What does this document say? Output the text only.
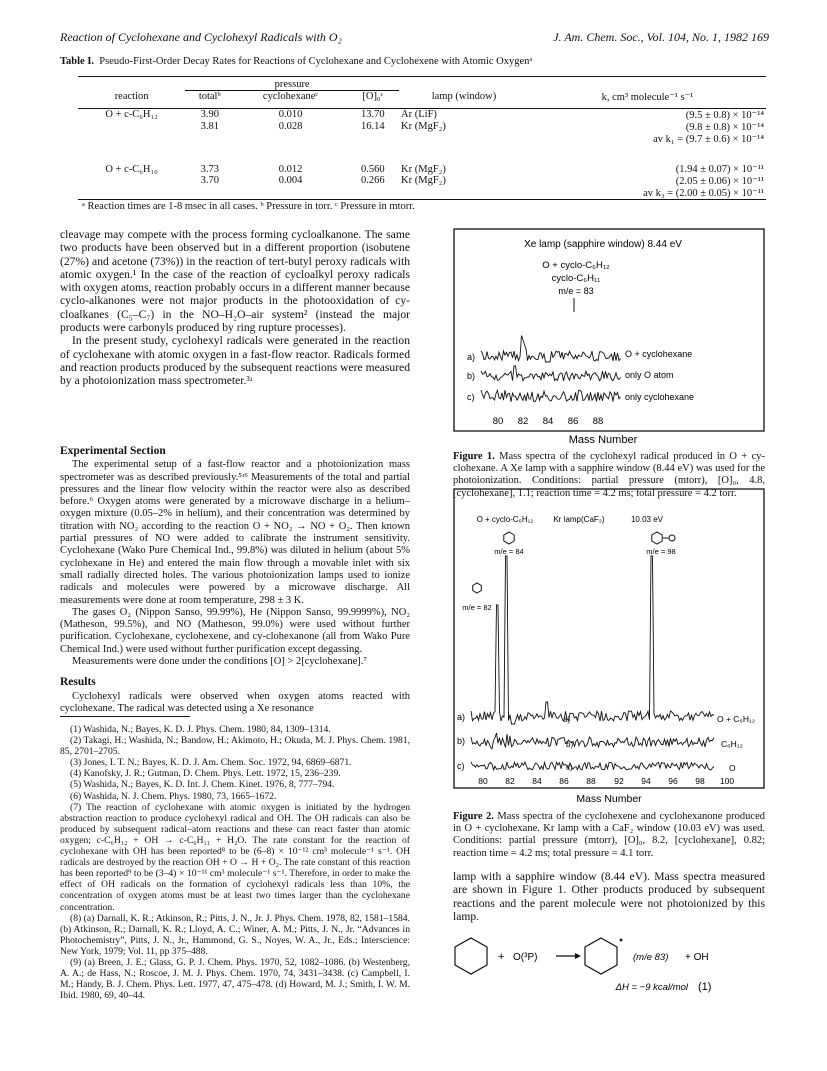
Reaction of Cyclohexane and Cyclohexyl Radicals with O₂	J. Am. Chem. Soc., Vol. 104, No. 1, 1982 169
Table I. Pseudo-First-Order Decay Rates for Reactions of Cyclohexane and Cyclohexene with Atomic Oxygenᵃ

	pressure				
reaction	totalᵇ	cyclohexaneᶜ	[O]₀ᶜ	lamp (window)	k, cm³ molecule⁻¹ s⁻¹

O + c-C₆H₁₂	3.90	0.010	13.70	Ar (LiF)	(9.5 ± 0.8) × 10⁻¹⁴
	3.81	0.028	16.14	Kr (MgF₂)	(9.8 ± 0.8) × 10⁻¹⁴
					av k₁ = (9.7 ± 0.6) × 10⁻¹⁴
O + c-C₆H₁₀	3.73	0.012	0.560	Kr (MgF₂)	(1.94 ± 0.07) × 10⁻¹¹
	3.70	0.004	0.266	Kr (MgF₂)	(2.05 ± 0.06) × 10⁻¹¹
					av k₃ = (2.00 ± 0.05) × 10⁻¹¹

ᵃ Reaction times are 1-8 msec in all cases. ᵇ Pressure in torr. ᶜ Pressure in mtorr.

cleavage may compete with the process forming cycloalkanone. The same two products have been observed but in a different proportion (isobutene (27%) and acetone (73%)) in the reaction of tert-butyl peroxy radicals with atomic oxygen.¹ In the case of the reaction of cycloalkyl peroxy radicals with oxygen atoms, reaction probably occurs in a different manner because cyclo-alkanones were not major products in the photooxidation of cy-cloalkanes (C₅–C₇) in the NO–H₂O–air system² (instead the major products were carbonyls produced by ring rupture processes).

In the present study, cyclohexyl radicals were generated in the reaction of cyclohexane with atomic oxygen in a fast-flow reactor. Radicals formed and reaction products produced by the subsequent reactions were measured by a photoionization mass spectrometer.³ʴ

Experimental Section

The experimental setup of a fast-flow reactor and a photoionization mass spectrometer was as described previously.⁵ʴ⁶ Measurements of the total and partial pressures and the linear flow velocity within the reactor were also as described before.⁶ Oxygen atoms were generated by a microwave discharge in a helium–oxygen mixture (0.05–2% in helium), and their concentration was determined by titration with NO₂ according to the reaction O + NO₂ → NO + O₂. Then known partial pressures of NO were added to calibrate the instrument sensitivity. Cyclohexane (Wako Pure Chemical Ind., 99.8%) was diluted in helium (about 5% cyclohexane in He) and entered the main flow through a movable inlet with six small radially directed holes. The various photoionization lamps used to ionize radicals and molecules were powered by a microwave discharge. All measurements were done at room temperature, 298 ± 3 K.

The gases O₂ (Nippon Sanso, 99.99%), He (Nippon Sanso, 99.9999%), NO₂ (Matheson, 99.5%), and NO (Matheson, 99.0%) were used without further purification. Cyclohexane, cyclohexene, and cy-clohexanone (all from Wako Pure Chemical Ind.) were used without further purification except degassing.

Measurements were done under the conditions [O] > 2[cyclohexane].⁷

Results

Cyclohexyl radicals were observed when oxygen atoms reacted with cyclohexane. The radical was detected using a Xe resonance

(1) Washida, N.; Bayes, K. D. J. Phys. Chem. 1980, 84, 1309–1314.

(2) Takagi, H.; Washida, N.; Bandow, H.; Akimoto, H.; Okuda, M. J. Phys. Chem. 1981, 85, 2701–2705.

(3) Jones, I. T. N.; Bayes, K. D. J. Am. Chem. Soc. 1972, 94, 6869–6871.

(4) Kanofsky, J. R.; Gutman, D. Chem. Phys. Lett. 1972, 15, 236–239.

(5) Washida, N.; Bayes, K. D. Int. J. Chem. Kinet. 1976, 8, 777–794.

(6) Washida, N. J. Chem. Phys. 1980, 73, 1665–1672.

(7) The reaction of cyclohexane with atomic oxygen is initiated by the hydrogen abstraction reaction to produce cyclohexyl radical and OH. The OH radicals can also be produced by subsequent radical–atom reactions and these can react faster than atomic oxygen; c-C₆H₁₂ + OH → c-C₆H₁₁ + H₂O. The rate constant for the reaction of cyclohexane with OH has been reported⁸ to be (6–8) × 10⁻¹² cm³ molecule⁻¹ s⁻¹. OH radicals are destroyed by the reaction OH + O → H + O₂. The rate constant of this reaction has been reported⁹ to be (3–4) × 10⁻¹¹ cm³ molecule⁻¹ s⁻¹. Therefore, in order to make the effect of OH radicals on the formation of cyclohexyl radicals less than 10%, the concentration of oxygen atoms must be at least two times larger than the cyclohexane concentration.

(8) (a) Darnall, K. R.; Atkinson, R.; Pitts, J. N., Jr. J. Phys. Chem. 1978, 82, 1581–1584. (b) Atkinson, R.; Darnall, K. R.; Lloyd, A. C.; Winer, A. M.; Pitts, J. N., Jr. “Advances in Photochemistry”, Pitts, J. N., Jr., Hammond, G. S., Noyes, W. A., Jr., Eds.; Interscience: New York, 1979; Vol. 11, pp 375–488.

(9) (a) Breen, J. E.; Glass, G. P. J. Chem. Phys. 1970, 52, 1082–1086. (b) Westenberg, A. A.; de Hass, N.; Roscoe, J. M. J. Phys. Chem. 1970, 74, 3431–3438. (c) Campbell, I. M.; Handy, B. J. Chem. Phys. Lett. 1977, 47, 475–478. (d) Howard, M. J.; Smith, I. W. M. Ibid. 1980, 69, 40–44.

Xe lamp (sapphire window) 8.44 eV
O + cyclo-C₆H₁₂
cyclo-C₆H₁₁
m/e = 83
a)
b)
c)
O + cyclohexane
only O atom
only cyclohexane
80 82 84 86 88
Mass Number
Figure 1. Mass spectra of the cyclohexyl radical produced in O + cy-clohexane. A Xe lamp with a sapphire window (8.44 eV) was used for the photoionization. Conditions: partial pressure (mtorr), [O]₀, 4.8, [cyclohexane], 1.1; reaction time = 4.2 ms; total pressure = 4.2 torr.
O + cyclo-C₆H₁₂	Kr lamp(CaF₂)	10.03 eV
m/e = 84	m/e = 98
m/e = 82
a)
b)
c)
a)
b)
c)
O + C₆H₁₂
C₆H₁₂
O
80 82 84 86 88 92 94 96 98 100
Mass Number
Figure 2. Mass spectra of the cyclohexene and cyclohexanone produced in O + cyclohexane. Kr lamp with a CaF₂ window (10.03 eV) was used. Conditions: partial pressure (mtorr), [O]₀, 8.2, [cyclohexane], 0.82; reaction time = 4.2 ms; total pressure = 4.1 torr.

lamp with a sapphire window (8.44 eV). Mass spectra measured are shown in Figure 1. Other products produced by subsequent reactions and the parent molecule were not photoionized by this lamp.

+ O(³P)	(m/e 83) + OH
ΔH = −9 kcal/mol (1)
